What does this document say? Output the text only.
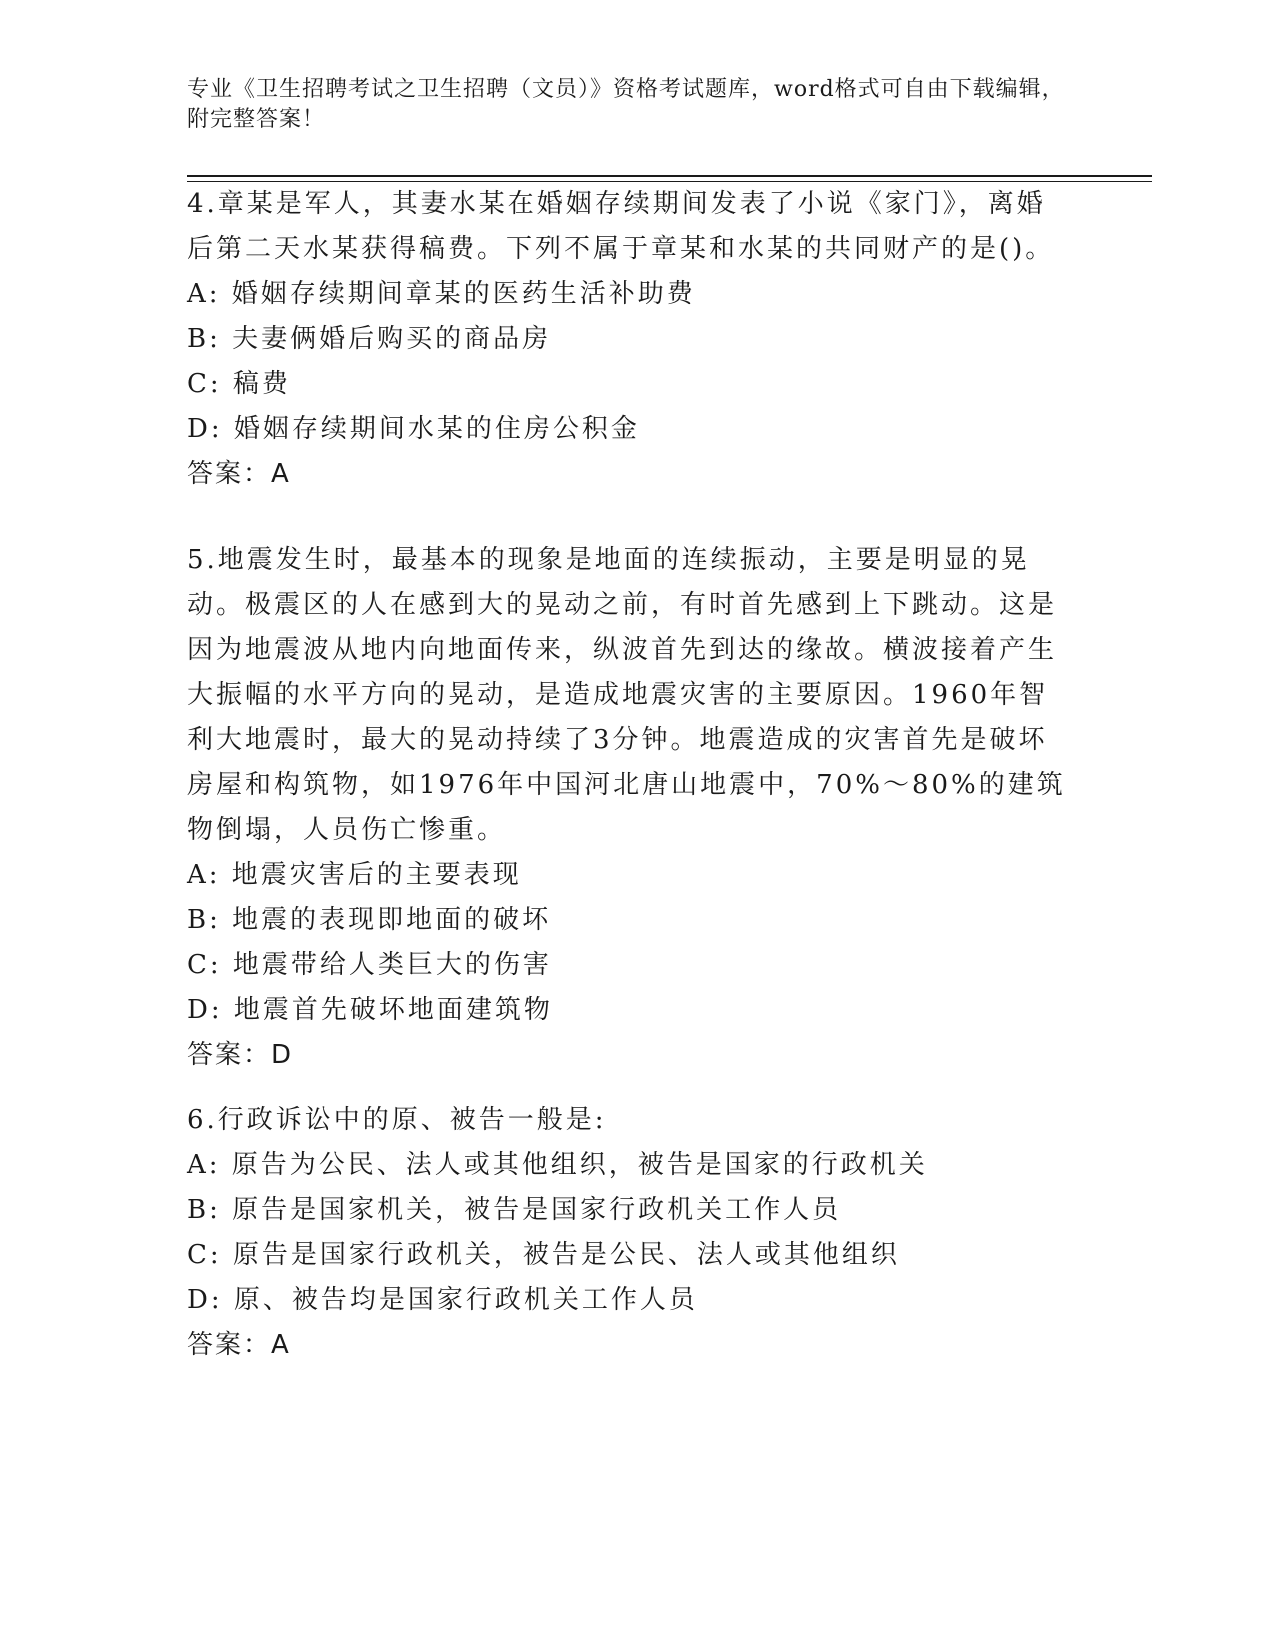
专业《卫生招聘考试之卫生招聘（文员）》资格考试题库，word格式可自由下载编辑，附完整答案！

4.章某是军人，其妻水某在婚姻存续期间发表了小说《家门》，离婚后第二天水某获得稿费。下列不属于章某和水某的共同财产的是()。

A: 婚姻存续期间章某的医药生活补助费

B: 夫妻俩婚后购买的商品房

C: 稿费

D: 婚姻存续期间水某的住房公积金

答案：A

5.地震发生时，最基本的现象是地面的连续振动，主要是明显的晃动。极震区的人在感到大的晃动之前，有时首先感到上下跳动。这是因为地震波从地内向地面传来，纵波首先到达的缘故。横波接着产生大振幅的水平方向的晃动，是造成地震灾害的主要原因。1960年智利大地震时，最大的晃动持续了3分钟。地震造成的灾害首先是破坏房屋和构筑物，如1976年中国河北唐山地震中，70%～80%的建筑物倒塌，人员伤亡惨重。

A: 地震灾害后的主要表现

B: 地震的表现即地面的破坏

C: 地震带给人类巨大的伤害

D: 地震首先破坏地面建筑物

答案：D

6.行政诉讼中的原、被告一般是:

A: 原告为公民、法人或其他组织，被告是国家的行政机关

B: 原告是国家机关，被告是国家行政机关工作人员

C: 原告是国家行政机关，被告是公民、法人或其他组织

D: 原、被告均是国家行政机关工作人员

答案：A
